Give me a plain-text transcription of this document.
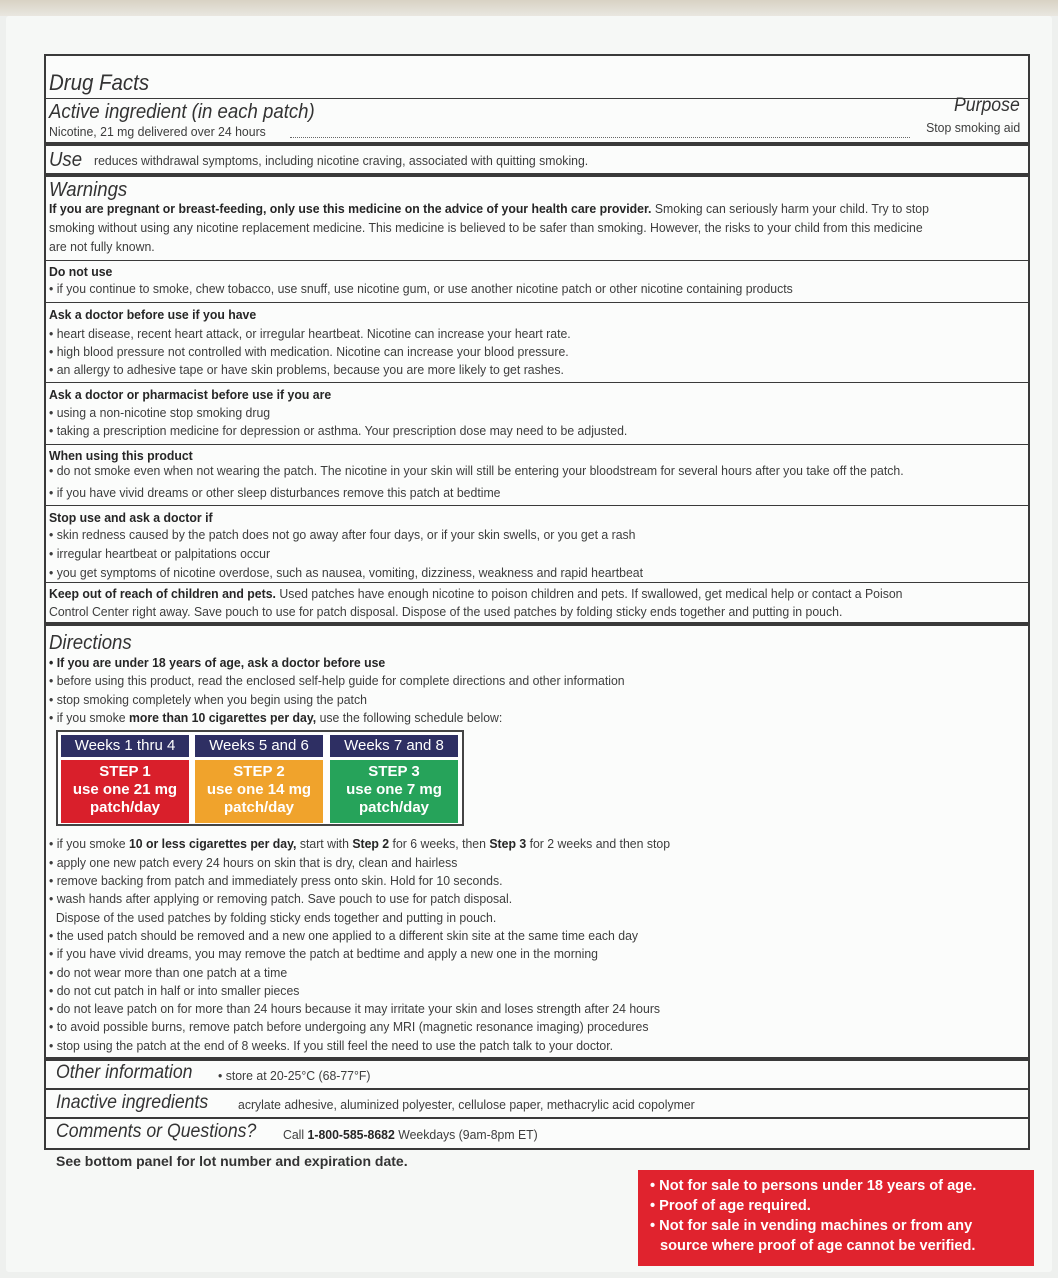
Drug Facts
Active ingredient (in each patch)	Purpose
Nicotine, 21 mg delivered over 24 hours	Stop smoking aid
Use reduces withdrawal symptoms, including nicotine craving, associated with quitting smoking.
Warnings
If you are pregnant or breast-feeding, only use this medicine on the advice of your health care provider. Smoking can seriously harm your child. Try to stop
smoking without using any nicotine replacement medicine. This medicine is believed to be safer than smoking. However, the risks to your child from this medicine
are not fully known.
Do not use
• if you continue to smoke, chew tobacco, use snuff, use nicotine gum, or use another nicotine patch or other nicotine containing products
Ask a doctor before use if you have
• heart disease, recent heart attack, or irregular heartbeat. Nicotine can increase your heart rate.
• high blood pressure not controlled with medication. Nicotine can increase your blood pressure.
• an allergy to adhesive tape or have skin problems, because you are more likely to get rashes.
Ask a doctor or pharmacist before use if you are
• using a non-nicotine stop smoking drug
• taking a prescription medicine for depression or asthma. Your prescription dose may need to be adjusted.
When using this product
• do not smoke even when not wearing the patch. The nicotine in your skin will still be entering your bloodstream for several hours after you take off the patch.
• if you have vivid dreams or other sleep disturbances remove this patch at bedtime
Stop use and ask a doctor if
• skin redness caused by the patch does not go away after four days, or if your skin swells, or you get a rash
• irregular heartbeat or palpitations occur
• you get symptoms of nicotine overdose, such as nausea, vomiting, dizziness, weakness and rapid heartbeat
Keep out of reach of children and pets. Used patches have enough nicotine to poison children and pets. If swallowed, get medical help or contact a Poison
Control Center right away. Save pouch to use for patch disposal. Dispose of the used patches by folding sticky ends together and putting in pouch.
Directions
• If you are under 18 years of age, ask a doctor before use
• before using this product, read the enclosed self-help guide for complete directions and other information
• stop smoking completely when you begin using the patch
• if you smoke more than 10 cigarettes per day, use the following schedule below:
Weeks 1 thru 4
STEP 1
use one 21 mg
patch/day
Weeks 5 and 6
STEP 2
use one 14 mg
patch/day
Weeks 7 and 8
STEP 3
use one 7 mg
patch/day
• if you smoke 10 or less cigarettes per day, start with Step 2 for 6 weeks, then Step 3 for 2 weeks and then stop
• apply one new patch every 24 hours on skin that is dry, clean and hairless
• remove backing from patch and immediately press onto skin. Hold for 10 seconds.
• wash hands after applying or removing patch. Save pouch to use for patch disposal.
Dispose of the used patches by folding sticky ends together and putting in pouch.
• the used patch should be removed and a new one applied to a different skin site at the same time each day
• if you have vivid dreams, you may remove the patch at bedtime and apply a new one in the morning
• do not wear more than one patch at a time
• do not cut patch in half or into smaller pieces
• do not leave patch on for more than 24 hours because it may irritate your skin and loses strength after 24 hours
• to avoid possible burns, remove patch before undergoing any MRI (magnetic resonance imaging) procedures
• stop using the patch at the end of 8 weeks. If you still feel the need to use the patch talk to your doctor.
Other information • store at 20-25°C (68-77°F)
Inactive ingredients acrylate adhesive, aluminized polyester, cellulose paper, methacrylic acid copolymer
Comments or Questions? Call 1-800-585-8682 Weekdays (9am-8pm ET)
See bottom panel for lot number and expiration date.
• Not for sale to persons under 18 years of age.
• Proof of age required.
• Not for sale in vending machines or from any
source where proof of age cannot be verified.
